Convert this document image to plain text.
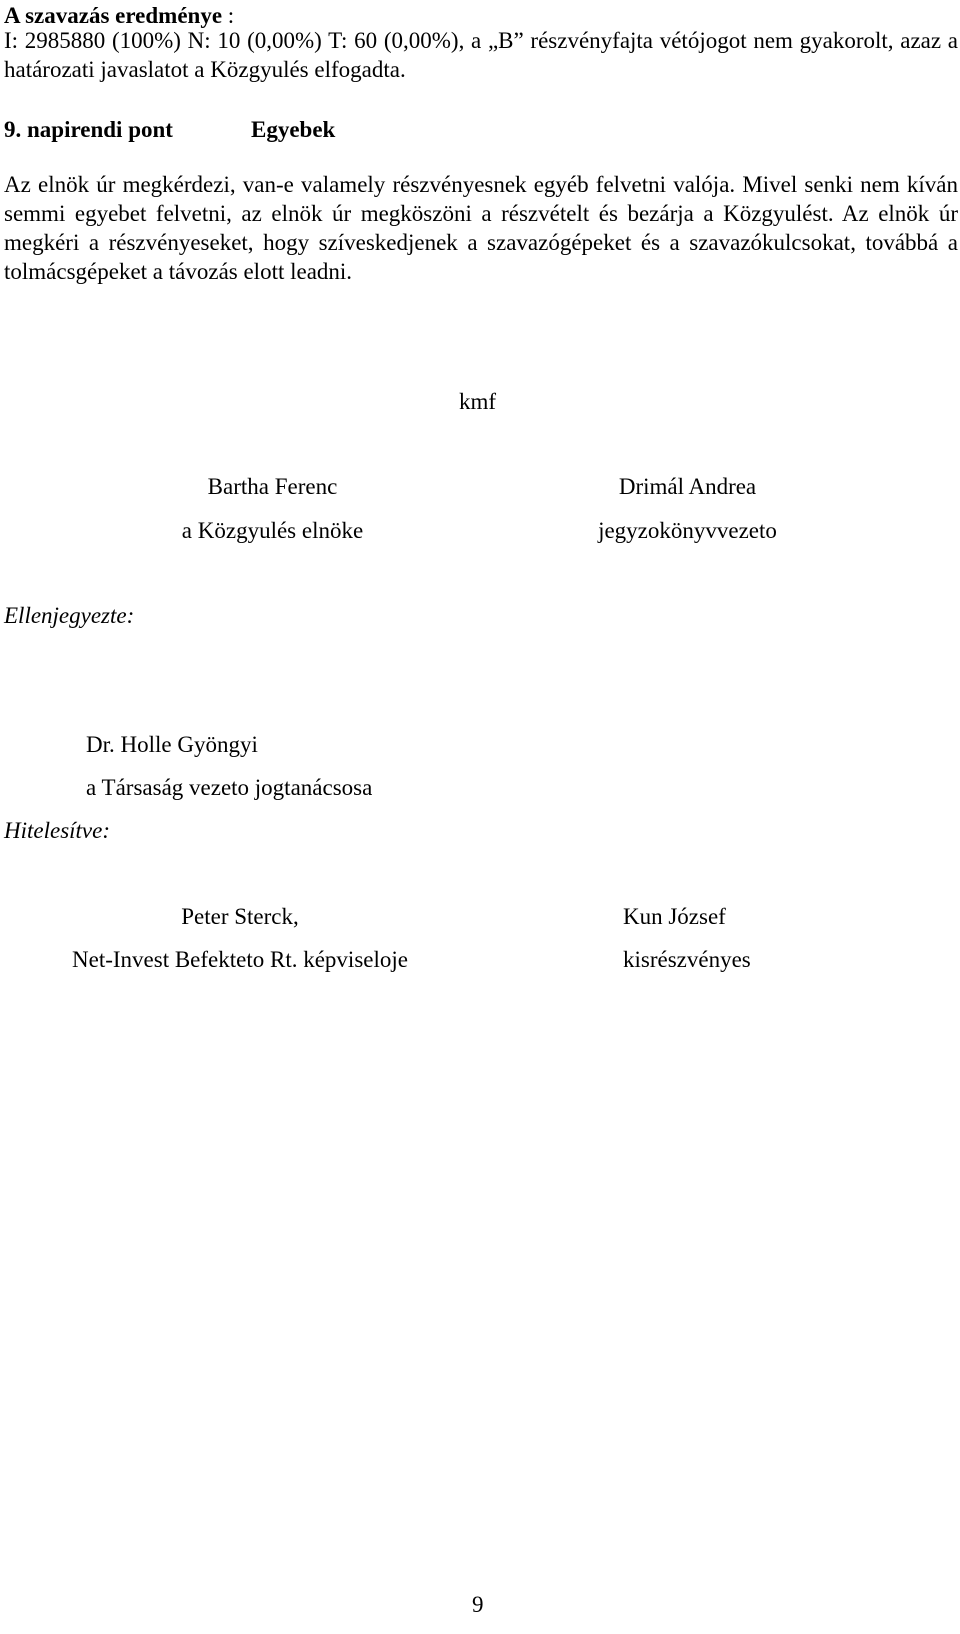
A szavazás eredménye :
I: 2985880 (100%) N: 10 (0,00%) T: 60 (0,00%), a „B” részvényfajta vétójogot nem gyakorolt, azaz a határozati javaslatot a Közgyulés elfogadta.
9. napirendi pont	Egyebek
Az elnök úr megkérdezi, van-e valamely részvényesnek egyéb felvetni valója. Mivel senki nem kíván semmi egyebet felvetni, az elnök úr megköszöni a részvételt és bezárja a Közgyulést. Az elnök úr megkéri a részvényeseket, hogy szíveskedjenek a szavazógépeket és a szavazókulcsokat, továbbá a tolmácsgépeket a távozás elott leadni.
kmf
Bartha Ferenc
a Közgyulés elnöke
Drimál Andrea
jegyzokönyvvezeto
Ellenjegyezte:
Dr. Holle Gyöngyi
a Társaság vezeto jogtanácsosa
Hitelesítve:
Peter Sterck,
Net-Invest Befekteto Rt. képviseloje
Kun József
kisrészvényes
9
